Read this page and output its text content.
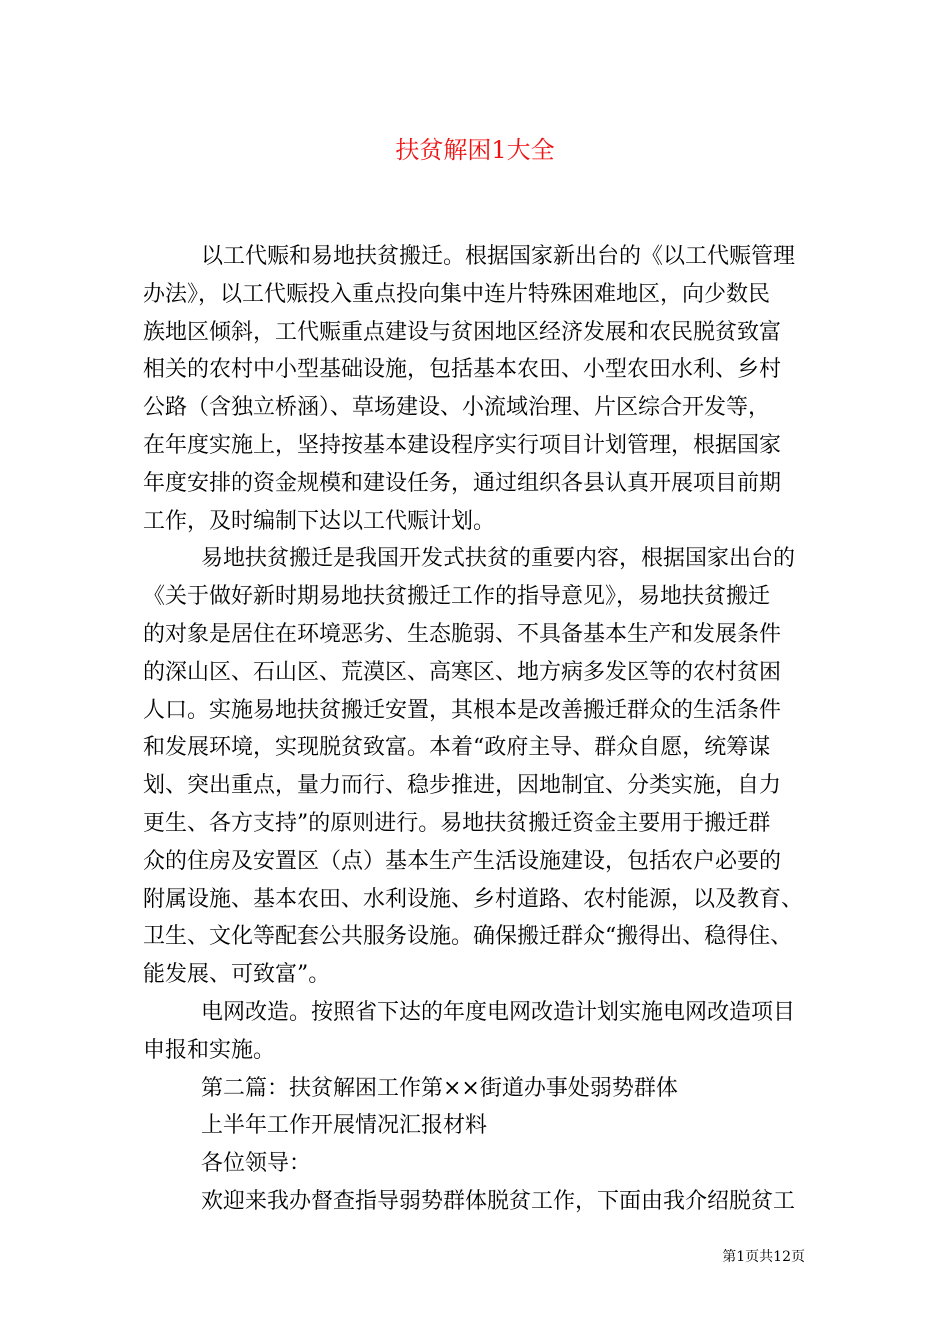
扶贫解困1大全
以工代赈和易地扶贫搬迁。根据国家新出台的《以工代赈管理
办法》，以工代赈投入重点投向集中连片特殊困难地区，向少数民
族地区倾斜，工代赈重点建设与贫困地区经济发展和农民脱贫致富
相关的农村中小型基础设施，包括基本农田、小型农田水利、乡村
公路（含独立桥涵）、草场建设、小流域治理、片区综合开发等，
在年度实施上，坚持按基本建设程序实行项目计划管理，根据国家
年度安排的资金规模和建设任务，通过组织各县认真开展项目前期
工作，及时编制下达以工代赈计划。
易地扶贫搬迁是我国开发式扶贫的重要内容，根据国家出台的
《关于做好新时期易地扶贫搬迁工作的指导意见》，易地扶贫搬迁
的对象是居住在环境恶劣、生态脆弱、不具备基本生产和发展条件
的深山区、石山区、荒漠区、高寒区、地方病多发区等的农村贫困
人口。实施易地扶贫搬迁安置，其根本是改善搬迁群众的生活条件
和发展环境，实现脱贫致富。本着“政府主导、群众自愿，统筹谋
划、突出重点，量力而行、稳步推进，因地制宜、分类实施，自力
更生、各方支持”的原则进行。易地扶贫搬迁资金主要用于搬迁群
众的住房及安置区（点）基本生产生活设施建设，包括农户必要的
附属设施、基本农田、水利设施、乡村道路、农村能源，以及教育、
卫生、文化等配套公共服务设施。确保搬迁群众“搬得出、稳得住、
能发展、可致富”。
电网改造。按照省下达的年度电网改造计划实施电网改造项目
申报和实施。
第二篇：扶贫解困工作第××街道办事处弱势群体
上半年工作开展情况汇报材料
各位领导：
欢迎来我办督查指导弱势群体脱贫工作，下面由我介绍脱贫工
第1页共12页
